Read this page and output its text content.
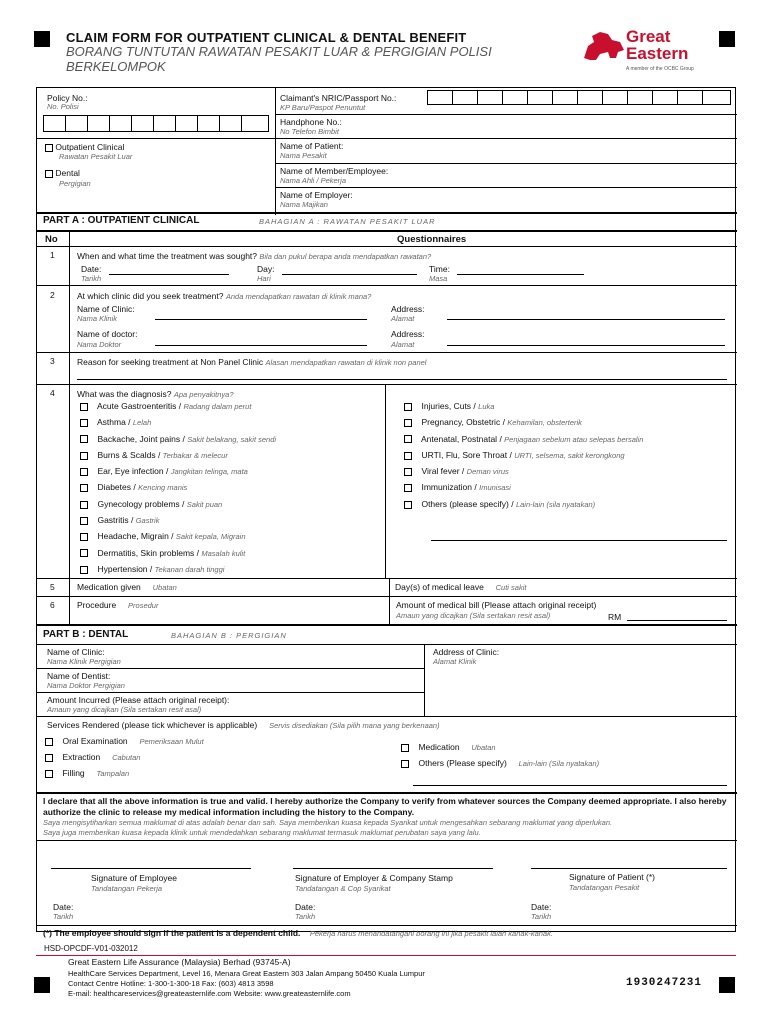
CLAIM FORM FOR OUTPATIENT CLINICAL & DENTAL BENEFIT
BORANG TUNTUTAN RAWATAN PESAKIT LUAR & PERGIGIAN POLISI BERKELOMPOK
Great Eastern
A member of the OCBC Group
Policy No.:
No. Polisi
Claimant's NRIC/Passport No.:
KP Baru/Paspot Penuntut
Handphone No.:
No Telefon Bimbit
Outpatient Clinical
Rawatan Pesakit Luar
Name of Patient:
Nama Pesakit
Dental
Pergigian
Name of Member/Employee:
Nama Ahli / Pekerja
Name of Employer:
Nama Majikan
PART A : OUTPATIENT CLINICAL	BAHAGIAN A : RAWATAN PESAKIT LUAR
No	Questionnaires
1	When and what time the treatment was sought? Bila dan pukul berapa anda mendapatkan rawatan?
Date:
Tarikh
Day:
Hari
Time:
Masa
2	At which clinic did you seek treatment? Anda mendapatkan rawatan di klinik mana?
Name of Clinic:
Nama Klinik
Address:
Alamat
Name of doctor:
Nama Doktor
Address:
Alamat
3	Reason for seeking treatment at Non Panel Clinic Alasan mendapatkan rawatan di klinik non panel
4	What was the diagnosis? Apa penyakitnya?
Acute Gastroenteritis / Radang dalam perut
Asthma / Lelah
Backache, Joint pains / Sakit belakang, sakit sendi
Burns & Scalds / Terbakar & melecur
Ear, Eye infection / Jangkitan telinga, mata
Diabetes / Kencing manis
Gynecology problems / Sakit puan
Gastritis / Gastrik
Headache, Migrain / Sakit kepala, Migrain
Dermatitis, Skin problems / Masalah kulit
Hypertension / Tekanan darah tinggi
Injuries, Cuts / Luka
Pregnancy, Obstetric / Kehamilan, obsterterik
Antenatal, Postnatal / Penjagaan sebelum atau selepas bersalin
URTI, Flu, Sore Throat / URTI, selsema, sakit kerongkong
Viral fever / Deman virus
Immunization / Imunisasi
Others (please specify) / Lain-lain (sila nyatakan)
5	Medication given Ubatan	Day(s) of medical leave Cuti sakit
6	Procedure Prosedur	Amount of medical bill (Please attach original receipt)
Amaun yang dicajkan (Sila sertakan resit asal)	RM
PART B : DENTAL	BAHAGIAN B : PERGIGIAN
Name of Clinic:
Nama Klinik Pergigian
Address of Clinic:
Alamat Klinik
Name of Dentist:
Nama Doktor Pergigian
Amount Incurred (Please attach original receipt):
Amaun yang dicajkan (Sila sertakan resit asal)
Services Rendered (please tick whichever is applicable) Servis disediakan (Sila pilih mana yang berkenaan)
Oral Examination Pemeriksaan Mulut
Extraction Cabutan
Filling Tampalan
Medication Ubatan
Others (Please specify) Lain-lain (Sila nyatakan)
I declare that all the above information is true and valid. I hereby authorize the Company to verify from whatever sources the Company deemed appropriate. I also hereby authorize the clinic to release my medical information including the history to the Company.
Saya mengisytiharkan semua maklumat di atas adalah benar dan sah. Saya memberikan kuasa kepada Syarikat untuk mengesahkan sebarang maklumat yang diperlukan.
Saya juga memberikan kuasa kepada klinik untuk mendedahkan sebarang maklumat termasuk maklumat perubatan saya yang lalu.
Signature of Employee
Tandatangan Pekerja
Signature of Employer & Company Stamp
Tandatangan & Cop Syarikat
Signature of Patient (*)
Tandatangan Pesakit
Date:
Tarikh
Date:
Tarikh
Date:
Tarikh
(*) The employee should sign if the patient is a dependent child. Pekerja harus menandatangani borang ini jika pesakit ialah kanak-kanak.
HSD-OPCDF-V01-032012
Great Eastern Life Assurance (Malaysia) Berhad (93745-A)
HealthCare Services Department, Level 16, Menara Great Eastern 303 Jalan Ampang 50450 Kuala Lumpur
Contact Centre Hotline: 1-300-1-300-18 Fax: (603) 4813 3598
E-mail: healthcareservices@greateasternlife.com Website: www.greateasternlife.com
1930247231
